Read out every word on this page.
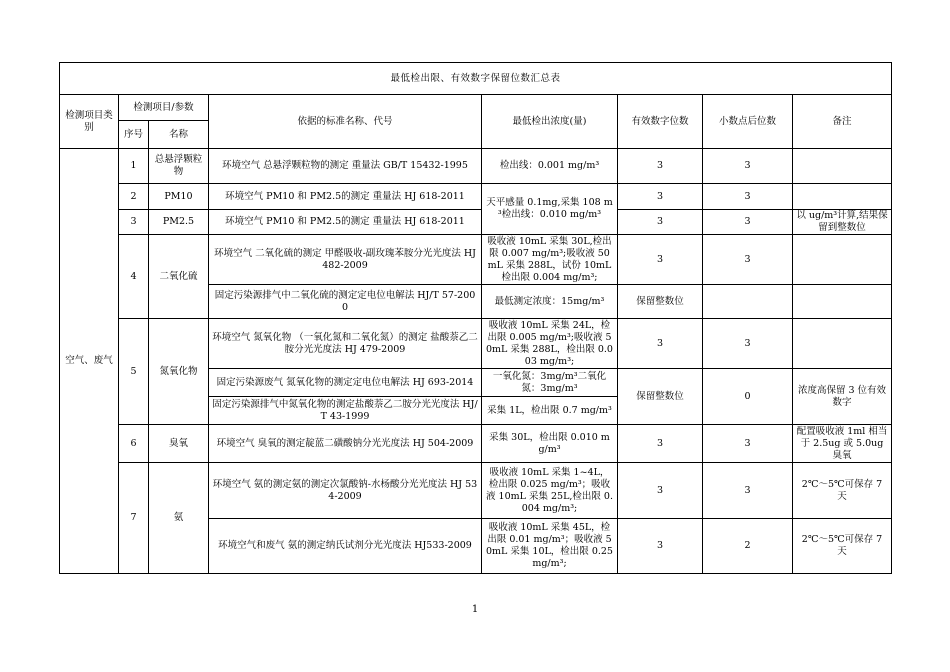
最低检出限、有效数字保留位数汇总表							
检测项目类别	检测项目/参数		依据的标准名称、代号	最低检出浓度(量)	有效数字位数	小数点后位数	备注
	序号	名称					
空气、废气	1	总悬浮颗粒物	环境空气 总悬浮颗粒物的测定 重量法 GB/T 15432-1995	检出线：0.001 mg/m³	3	3	
	2	PM10	环境空气 PM10 和 PM2.5的测定 重量法 HJ 618-2011	天平感量 0.1mg,采集 108 m³检出线：0.010 mg/m³	3	3	
	3	PM2.5	环境空气 PM10 和 PM2.5的测定 重量法 HJ 618-2011		3	3	以 ug/m³计算,结果保留到整数位
	4	二氧化硫	环境空气 二氧化硫的测定 甲醛吸收-副玫瑰苯胺分光光度法 HJ 482-2009	吸收液 10mL 采集 30L,检出限 0.007 mg/m³;吸收液 50mL 采集 288L，试份 10mL 检出限 0.004 mg/m³;	3	3	
			固定污染源排气中二氧化硫的测定定电位电解法 HJ/T 57-2000	最低测定浓度：15mg/m³	保留整数位		
	5	氮氧化物	环境空气 氮氧化物 （一氧化氮和二氧化氮）的测定 盐酸萘乙二胺分光光度法 HJ 479-2009	吸收液 10mL 采集 24L，检出限 0.005 mg/m³;吸收液 50mL 采集 288L，检出限 0.003 mg/m³;	3	3	
			固定污染源废气 氮氧化物的测定定电位电解法 HJ 693-2014	一氧化氮：3mg/m³二氧化氮：3mg/m³	保留整数位	0	浓度高保留 3 位有效数字
			固定污染源排气中氮氧化物的测定盐酸萘乙二胺分光光度法 HJ/T 43-1999	采集 1L，检出限 0.7 mg/m³			
	6	臭氧	环境空气 臭氧的测定靛蓝二磺酸钠分光光度法 HJ 504-2009	采集 30L，检出限 0.010 mg/m³	3	3	配置吸收液 1ml 相当于 2.5ug 或 5.0ug 臭氧
	7	氨	环境空气 氨的测定氨的测定次氯酸钠-水杨酸分光光度法 HJ 534-2009	吸收液 10mL 采集 1~4L，检出限 0.025 mg/m³；吸收液 10mL 采集 25L,检出限 0.004 mg/m³;	3	3	2℃～5℃可保存 7 天
			环境空气和废气 氨的测定纳氏试剂分光光度法 HJ533-2009	吸收液 10mL 采集 45L，检出限 0.01 mg/m³；吸收液 50mL 采集 10L，检出限 0.25 mg/m³;	3	2	2℃～5℃可保存 7 天
1
